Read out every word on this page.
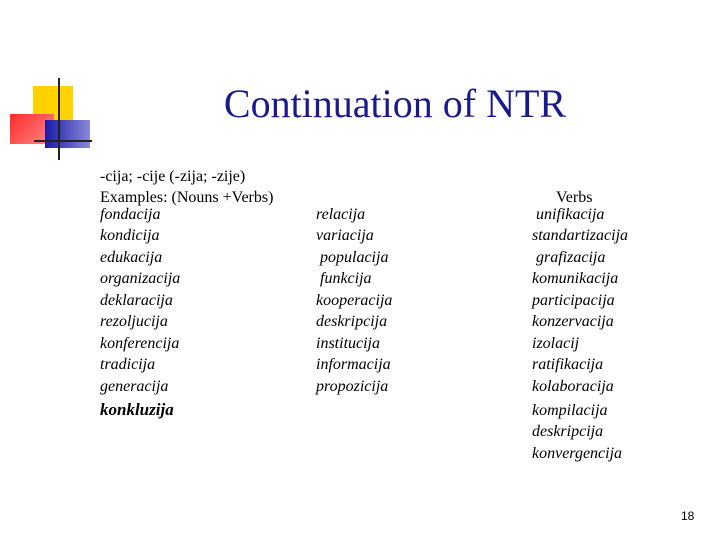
Continuation of NTR
-cija; -cije (-zija; -zije)
Examples: (Nouns +Verbs)
fondacija
kondicija
edukacija
organizacija
deklaracija
rezoljucija
konferencija
tradicija
generacija
konkluzija
relacija
variacija
populacija
funkcija
kooperacija
deskripcija
institucija
informacija
propozicija
Verbs
unifikacija
standartizacija
grafizacija
komunikacija
participacija
konzervacija
izolacij
ratifikacija
kolaboracija
kompilacija
deskripcija
konvergencija
18
